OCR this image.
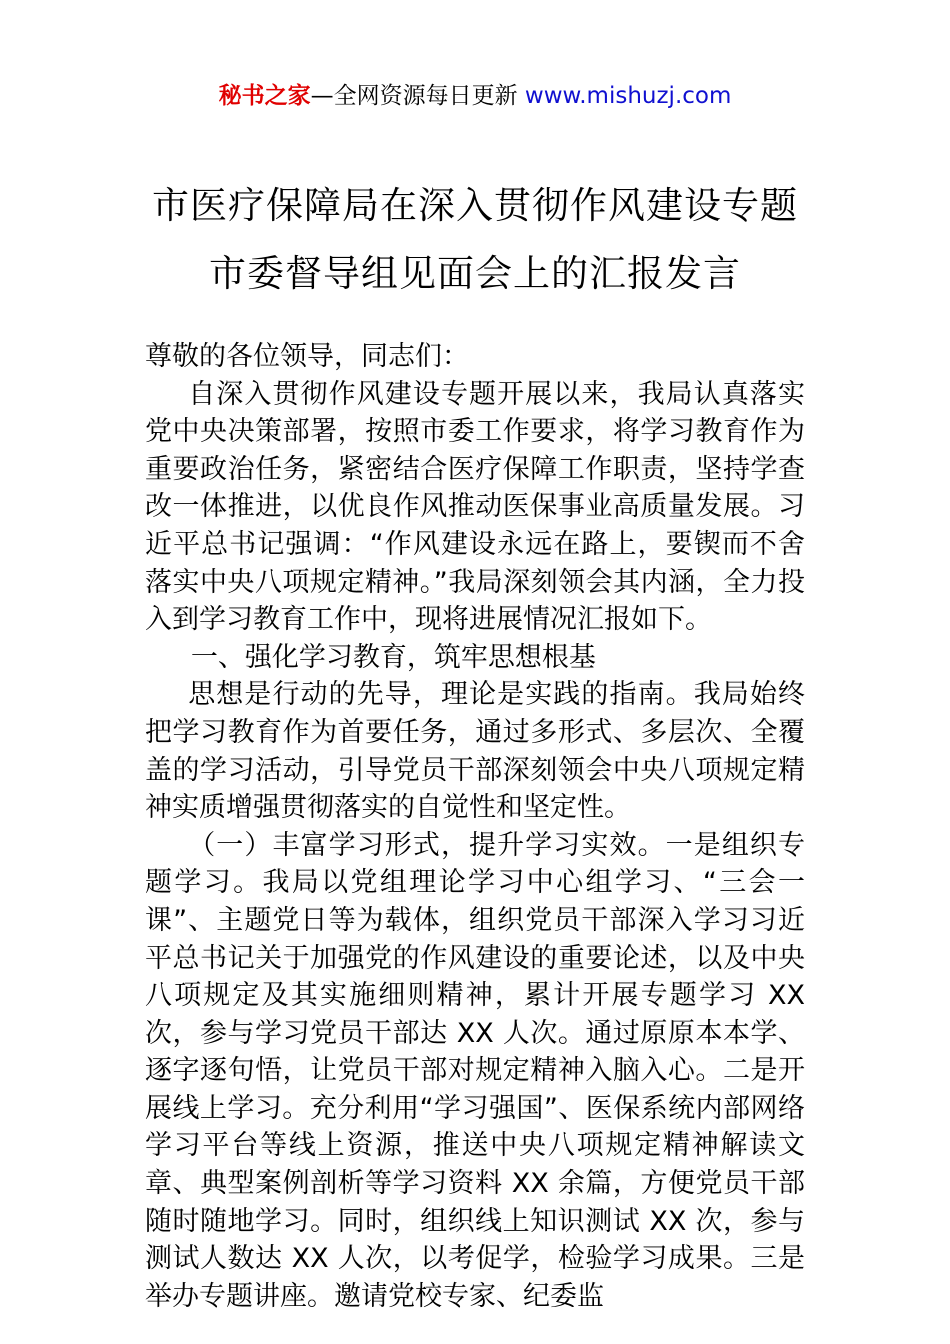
秘书之家—全网资源每日更新 www.mishuzj.com
市医疗保障局在深入贯彻作风建设专题
市委督导组见面会上的汇报发言

尊敬的各位领导，同志们：

自深入贯彻作风建设专题开展以来，我局认真落实党中央决策部署，按照市委工作要求，将学习教育作为重要政治任务，紧密结合医疗保障工作职责，坚持学查改一体推进，以优良作风推动医保事业高质量发展。习近平总书记强调：“作风建设永远在路上，要锲而不舍落实中央八项规定精神。”我局深刻领会其内涵，全力投入到学习教育工作中，现将进展情况汇报如下。

一、强化学习教育，筑牢思想根基

思想是行动的先导，理论是实践的指南。我局始终把学习教育作为首要任务，通过多形式、多层次、全覆盖的学习活动，引导党员干部深刻领会中央八项规定精神实质增强贯彻落实的自觉性和坚定性。

（一）丰富学习形式，提升学习实效。一是组织专题学习。我局以党组理论学习中心组学习、“三会一课”、主题党日等为载体，组织党员干部深入学习习近平总书记关于加强党的作风建设的重要论述，以及中央八项规定及其实施细则精神，累计开展专题学习 XX 次，参与学习党员干部达 XX 人次。通过原原本本学、逐字逐句悟，让党员干部对规定精神入脑入心。二是开展线上学习。充分利用“学习强国”、医保系统内部网络学习平台等线上资源，推送中央八项规定精神解读文章、典型案例剖析等学习资料 XX 余篇，方便党员干部随时随地学习。同时，组织线上知识测试 XX 次，参与测试人数达 XX 人次，以考促学，检验学习成果。三是举办专题讲座。邀请党校专家、纪委监
